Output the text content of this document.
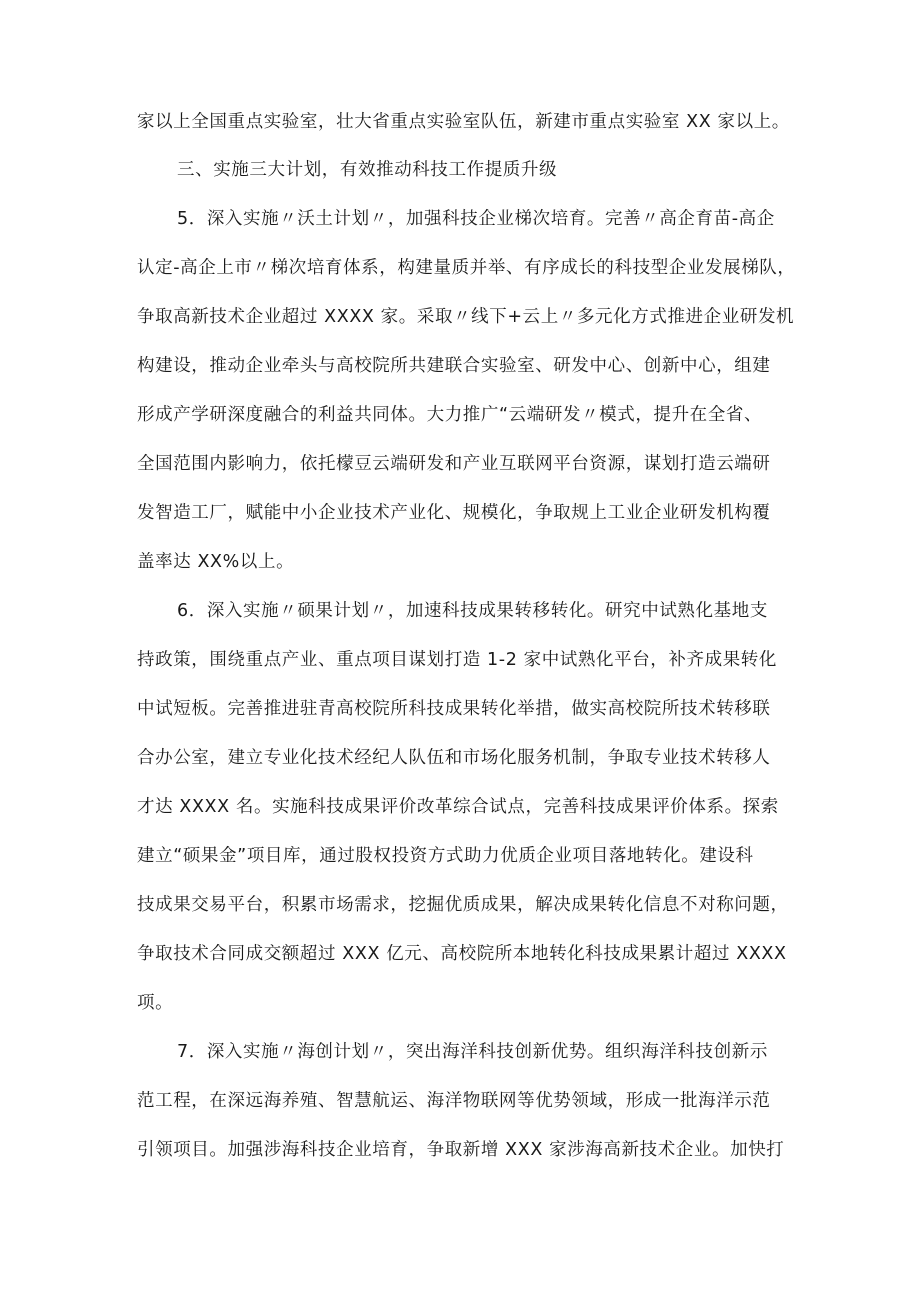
家以上全国重点实验室，壮大省重点实验室队伍，新建市重点实验室 XX 家以上。
三、实施三大计划，有效推动科技工作提质升级
5．深入实施〃沃土计划〃，加强科技企业梯次培育。完善〃高企育苗-高企
认定-高企上市〃梯次培育体系，构建量质并举、有序成长的科技型企业发展梯队，
争取高新技术企业超过 XXXX 家。采取〃线下+云上〃多元化方式推进企业研发机
构建设，推动企业牵头与高校院所共建联合实验室、研发中心、创新中心，组建
形成产学研深度融合的利益共同体。大力推广“云端研发〃模式，提升在全省、
全国范围内影响力，依托檬豆云端研发和产业互联网平台资源，谋划打造云端研
发智造工厂，赋能中小企业技术产业化、规模化，争取规上工业企业研发机构覆
盖率达 XX%以上。
6．深入实施〃硕果计划〃，加速科技成果转移转化。研究中试熟化基地支
持政策，围绕重点产业、重点项目谋划打造 1-2 家中试熟化平台，补齐成果转化
中试短板。完善推进驻青高校院所科技成果转化举措，做实高校院所技术转移联
合办公室，建立专业化技术经纪人队伍和市场化服务机制，争取专业技术转移人
才达 XXXX 名。实施科技成果评价改革综合试点，完善科技成果评价体系。探索
建立“硕果金”项目库，通过股权投资方式助力优质企业项目落地转化。建设科
技成果交易平台，积累市场需求，挖掘优质成果，解决成果转化信息不对称问题，
争取技术合同成交额超过 XXX 亿元、高校院所本地转化科技成果累计超过 XXXX
项。
7．深入实施〃海创计划〃，突出海洋科技创新优势。组织海洋科技创新示
范工程，在深远海养殖、智慧航运、海洋物联网等优势领域，形成一批海洋示范
引领项目。加强涉海科技企业培育，争取新增 XXX 家涉海高新技术企业。加快打
